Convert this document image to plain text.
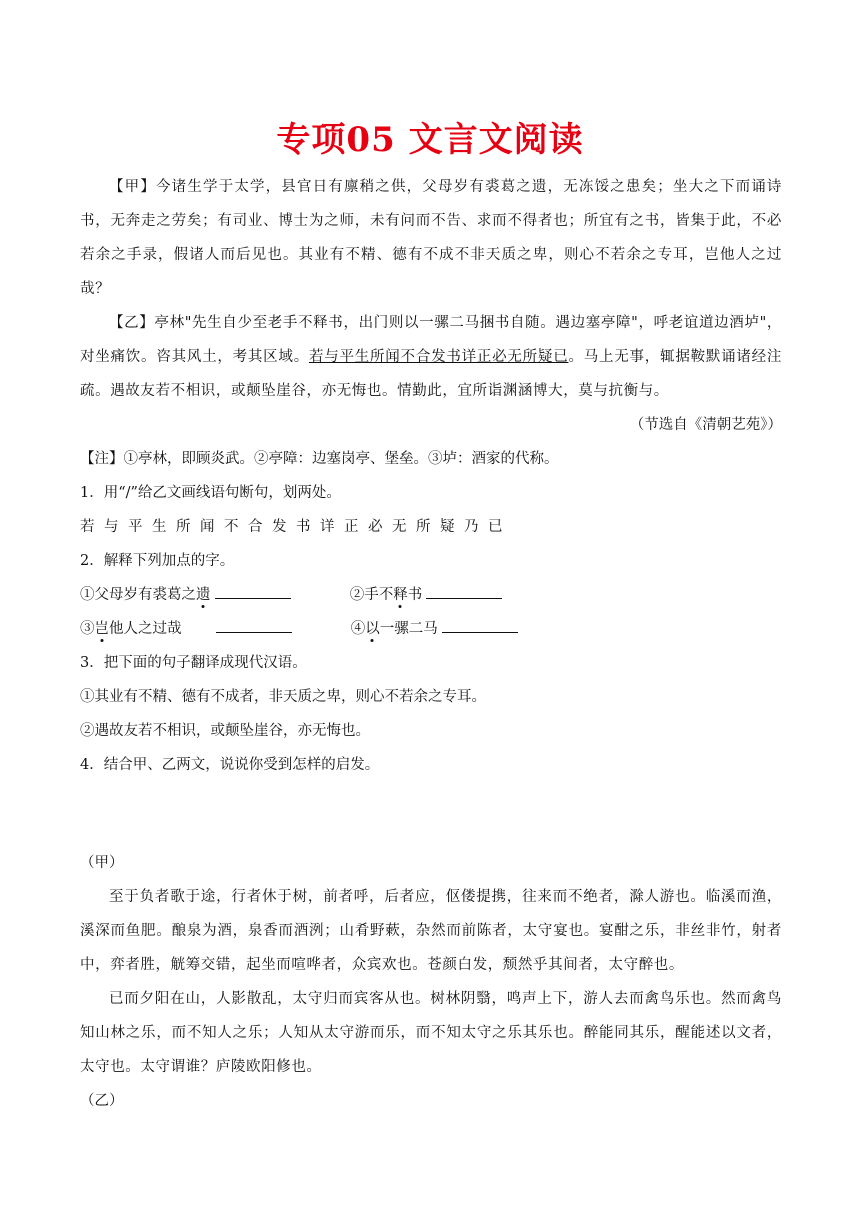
专项05 文言文阅读
【甲】今诸生学于太学，县官日有廪稍之供，父母岁有裘葛之遗，无冻馁之患矣；坐大之下而诵诗书，无奔走之劳矣；有司业、博士为之师，未有问而不告、求而不得者也；所宜有之书，皆集于此，不必若余之手录，假诸人而后见也。其业有不精、德有不成不非天质之卑，则心不若余之专耳，岂他人之过哉？
【乙】亭林"先生自少至老手不释书，出门则以一骡二马捆书自随。遇边塞亭障"，呼老谊道边酒垆"，对坐痛饮。咨其风土，考其区域。若与平生所闻不合发书详正必无所疑已。马上无事，辄据鞍默诵诸经注疏。遇故友若不相识，或颠坠崖谷，亦无悔也。情勤此，宜所诣渊涵博大，莫与抗衡与。
（节选自《清朝艺苑》）
【注】①亭林，即顾炎武。②亭障：边塞岗亭、堡垒。③垆：酒家的代称。
1．用“/”给乙文画线语句断句，划两处。
若与平生所闻不合发书详正必无所疑乃已
2．解释下列加点的字。
①父母岁有裘葛之遗	②手不释书
③岂他人之过哉	④以一骡二马
3．把下面的句子翻译成现代汉语。
①其业有不精、德有不成者，非天质之卑，则心不若余之专耳。
②遇故友若不相识，或颠坠崖谷，亦无悔也。
4．结合甲、乙两文，说说你受到怎样的启发。
（甲）
至于负者歌于途，行者休于树，前者呼，后者应，伛偻提携，往来而不绝者，滁人游也。临溪而渔，溪深而鱼肥。酿泉为酒，泉香而酒洌；山肴野蔌，杂然而前陈者，太守宴也。宴酣之乐，非丝非竹，射者中，弈者胜，觥筹交错，起坐而喧哗者，众宾欢也。苍颜白发，颓然乎其间者，太守醉也。
已而夕阳在山，人影散乱，太守归而宾客从也。树林阴翳，鸣声上下，游人去而禽鸟乐也。然而禽鸟知山林之乐，而不知人之乐；人知从太守游而乐，而不知太守之乐其乐也。醉能同其乐，醒能述以文者，太守也。太守谓谁？庐陵欧阳修也。
（乙）
